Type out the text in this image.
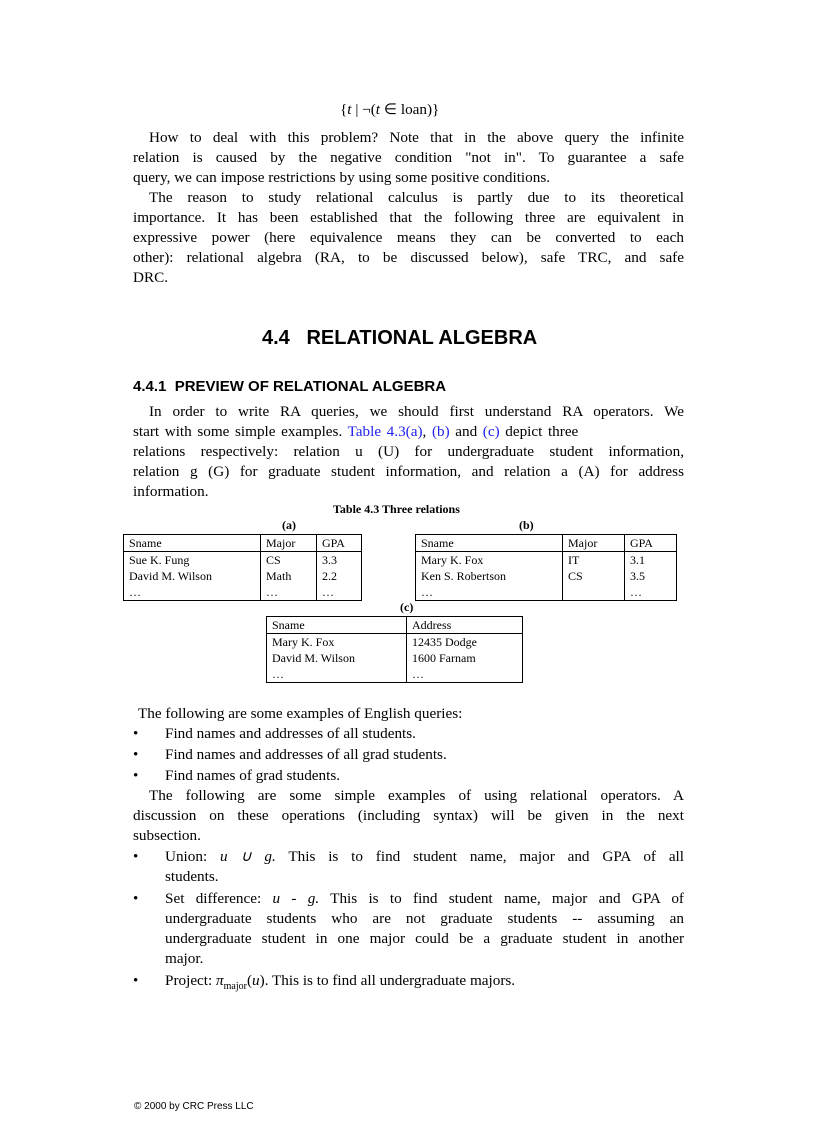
{t | ¬(t ∈ loan)}
How to deal with this problem? Note that in the above query the infinite
relation is caused by the negative condition "not in". To guarantee a safe
query, we can impose restrictions by using some positive conditions.
The reason to study relational calculus is partly due to its theoretical
importance. It has been established that the following three are equivalent in
expressive power (here equivalence means they can be converted to each
other): relational algebra (RA, to be discussed below), safe TRC, and safe
DRC.
4.4   RELATIONAL ALGEBRA
4.4.1  PREVIEW OF RELATIONAL ALGEBRA
In order to write RA queries, we should first understand RA operators. We
start with some simple examples. Table 4.3(a), (b) and (c) depict three
relations respectively: relation u (U) for undergraduate student information,
relation g (G) for graduate student information, and relation a (A) for address
information.
Table 4.3 Three relations
(a)	(b)
Sname	Major	GPA
Sue K. Fung	CS	3.3
David M. Wilson	Math	2.2
…	…	…
Sname	Major	GPA
Mary K. Fox	IT	3.1
Ken S. Robertson	CS	3.5
…		…
(c)
Sname	Address
Mary K. Fox	12435 Dodge
David M. Wilson	1600 Farnam
…	…
The following are some examples of English queries:
• Find names and addresses of all students.
• Find names and addresses of all grad students.
• Find names of grad students.
The following are some simple examples of using relational operators. A
discussion on these operations (including syntax) will be given in the next
subsection.
• Union: u ∪ g. This is to find student name, major and GPA of all
students.
• Set difference: u - g. This is to find student name, major and GPA of
undergraduate students who are not graduate students -- assuming an
undergraduate student in one major could be a graduate student in another
major.
• Project: $\pi_{major}(u)$. This is to find all undergraduate majors.
© 2000 by CRC Press LLC
